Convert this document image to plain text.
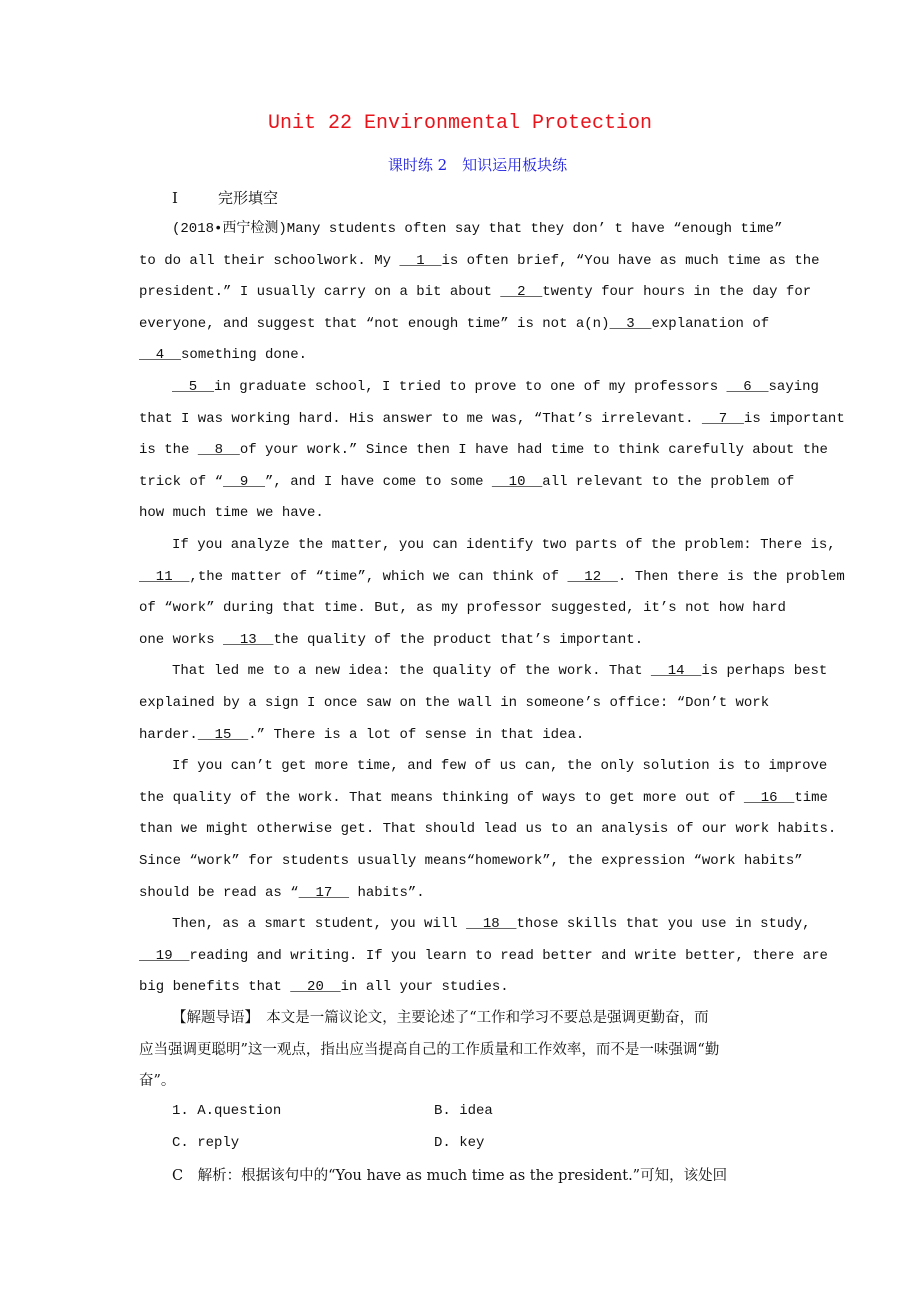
Unit 22 Environmental Protection
课时练 2　知识运用板块练
Ⅰ	完形填空
(2018•西宁检测)Many students often say that they don’ t have “enough time”
to do all their schoolwork. My   1  is often brief, “You have as much time as the
president.” I usually carry on a bit about   2  twenty four hours in the day for
everyone, and suggest that “not enough time” is not a(n)  3  explanation of
4  something done.
5  in graduate school, I tried to prove to one of my professors   6  saying
that I was working hard. His answer to me was, “That’s irrelevant.   7  is important
is the   8  of your work.” Since then I have had time to think carefully about the
trick of “  9  ”, and I have come to some   10  all relevant to the problem of
how much time we have.
If you analyze the matter, you can identify two parts of the problem: There is,
11  ,the matter of “time”, which we can think of   12  . Then there is the problem
of “work” during that time. But, as my professor suggested, it’s not how hard
one works   13  the quality of the product that’s important.
That led me to a new idea: the quality of the work. That   14  is perhaps best
explained by a sign I once saw on the wall in someone’s office: “Don’t work
harder.  15  .” There is a lot of sense in that idea.
If you can’t get more time, and few of us can, the only solution is to improve
the quality of the work. That means thinking of ways to get more out of   16  time
than we might otherwise get. That should lead us to an analysis of our work habits.
Since “work” for students usually means“homework”, the expression “work habits”
should be read as “  17   habits”.
Then, as a smart student, you will   18  those skills that you use in study,
19  reading and writing. If you learn to read better and write better, there are
big benefits that   20  in all your studies.
【解题导语】　本文是一篇议论文，主要论述了“工作和学习不要总是强调更勤奋，而
应当强调更聪明”这一观点，指出应当提高自己的工作质量和工作效率，而不是一味强调“勤
奋”。
1. A.question	B. idea
C. reply	D. key
C　解析：根据该句中的“You have as much time as the president.”可知，该处回
